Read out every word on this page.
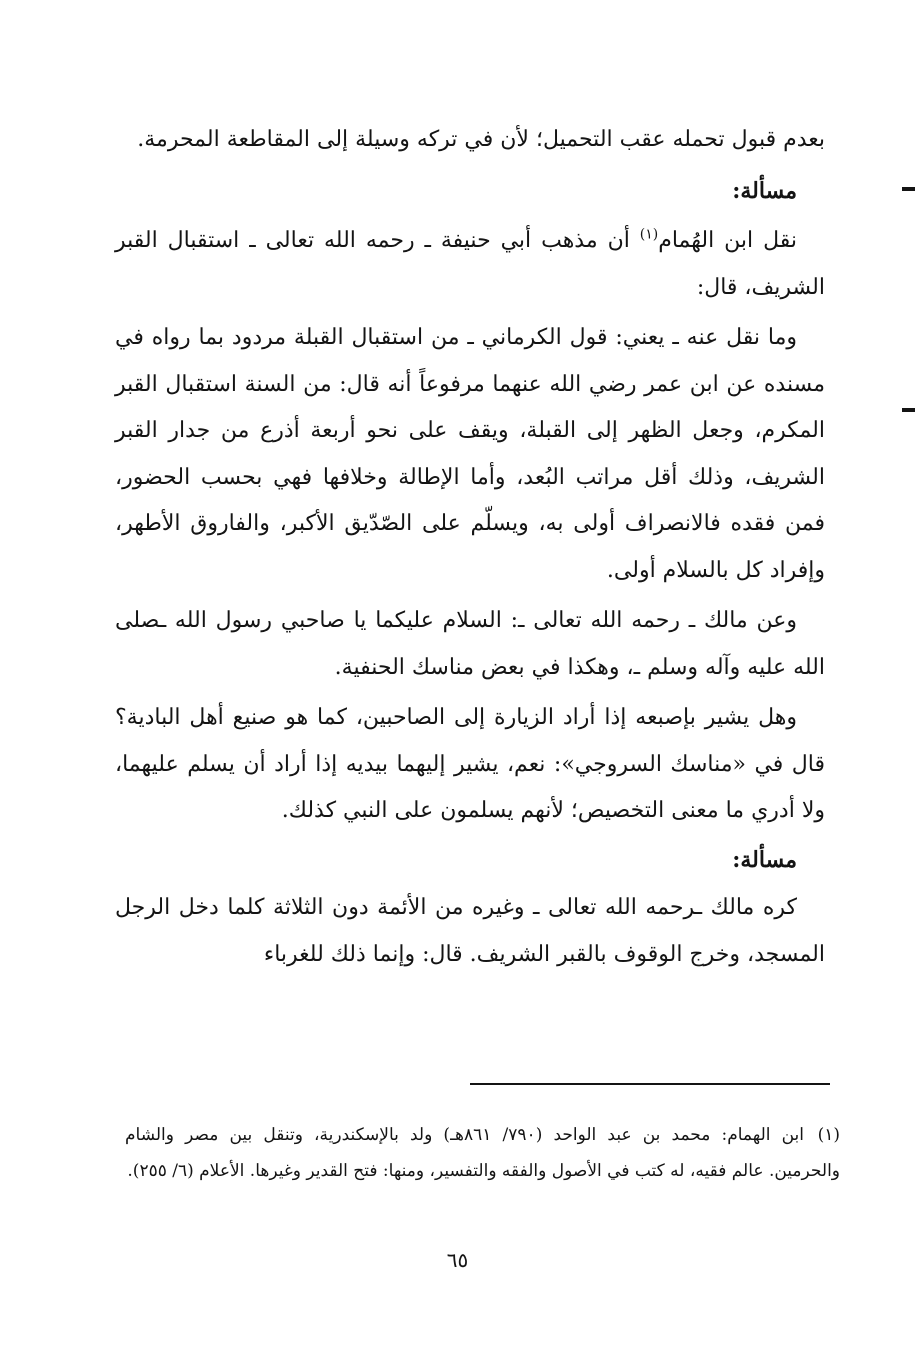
بعدم قبول تحمله عقب التحميل؛ لأن في تركه وسيلة إلى المقاطعة المحرمة.
مسألة:
نقل ابن الهُمام$^{(١)}$ أن مذهب أبي حنيفة ـ رحمه الله تعالى ـ استقبال القبر الشريف، قال:
وما نقل عنه ـ يعني: قول الكرماني ـ من استقبال القبلة مردود بما رواه في مسنده عن ابن عمر رضي الله عنهما مرفوعاً أنه قال: من السنة استقبال القبر المكرم، وجعل الظهر إلى القبلة، ويقف على نحو أربعة أذرع من جدار القبر الشريف، وذلك أقل مراتب البُعد، وأما الإطالة وخلافها فهي بحسب الحضور، فمن فقده فالانصراف أولى به، ويسلّم على الصّدّيق الأكبر، والفاروق الأطهر، وإفراد كل بالسلام أولى.
وعن مالك ـ رحمه الله تعالى ـ: السلام عليكما يا صاحبي رسول الله ـصلى الله عليه وآله وسلم ـ، وهكذا في بعض مناسك الحنفية.
وهل يشير بإصبعه إذا أراد الزيارة إلى الصاحبين، كما هو صنيع أهل البادية؟ قال في «مناسك السروجي»: نعم، يشير إليهما بيديه إذا أراد أن يسلم عليهما، ولا أدري ما معنى التخصيص؛ لأنهم يسلمون على النبي كذلك.
مسألة:
كره مالك ـرحمه الله تعالى ـ وغيره من الأئمة دون الثلاثة كلما دخل الرجل المسجد، وخرج الوقوف بالقبر الشريف. قال: وإنما ذلك للغرباء
(١)ابن الهمام: محمد بن عبد الواحد (٧٩٠/ ٨٦١هـ) ولد بالإسكندرية، وتنقل بين مصر والشام والحرمين. عالم فقيه، له كتب في الأصول والفقه والتفسير، ومنها: فتح القدير وغيرها. الأعلام (٦/ ٢٥٥).
٦٥
